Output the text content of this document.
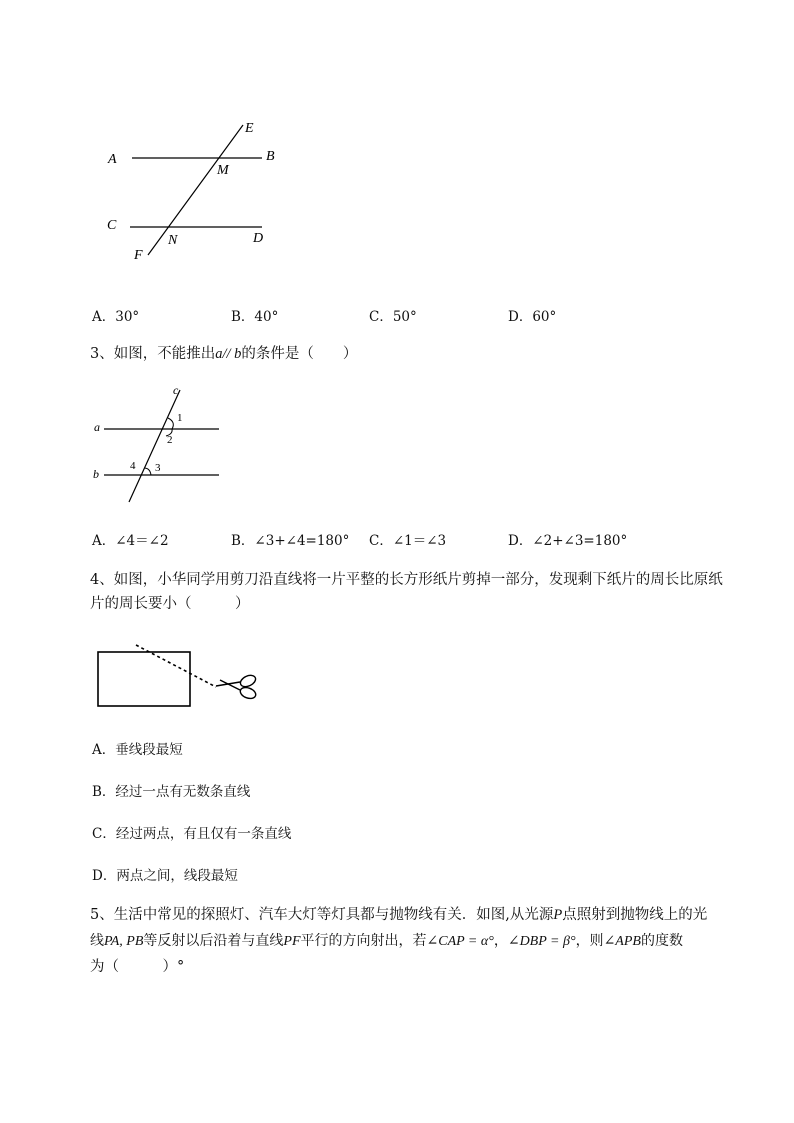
A	B
C
D
E
F
M
N
A．30°	B．40°	C．50°	D．60°
3、如图，不能推出a// b的条件是（　　）
c
a
b
1
2
3
4
A．∠4＝∠2	B．∠3+∠4=180° C．∠1＝∠3	D．∠2+∠3=180°
4、如图，小华同学用剪刀沿直线将一片平整的长方形纸片剪掉一部分，发现剩下纸片的周长比原纸
片的周长要小（　　　）
A．垂线段最短
B．经过一点有无数条直线
C．经过两点，有且仅有一条直线
D．两点之间，线段最短
5、生活中常见的探照灯、汽车大灯等灯具都与抛物线有关．如图,从光源P点照射到抛物线上的光
线PA, PB等反射以后沿着与直线PF平行的方向射出，若∠CAP = α°，∠DBP = β°，则∠APB的度数
为（　　　）°
